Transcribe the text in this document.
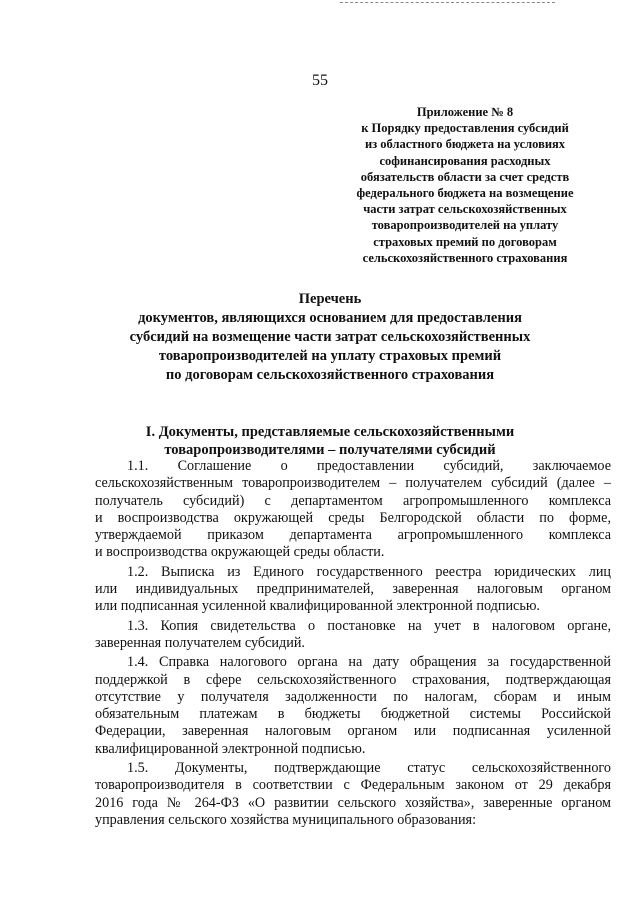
55
Приложение № 8
к Порядку предоставления субсидий
из областного бюджета на условиях
софинансирования расходных
обязательств области за счет средств
федерального бюджета на возмещение
части затрат сельскохозяйственных
товаропроизводителей на уплату
страховых премий по договорам
сельскохозяйственного страхования
Перечень
документов, являющихся основанием для предоставления
субсидий на возмещение части затрат сельскохозяйственных
товаропроизводителей на уплату страховых премий
по договорам сельскохозяйственного страхования
I. Документы, представляемые сельскохозяйственными
товаропроизводителями – получателями субсидий
1.1. Соглашение о предоставлении субсидий, заключаемое
сельскохозяйственным товаропроизводителем – получателем субсидий (далее –
получатель субсидий) с департаментом агропромышленного комплекса
и воспроизводства окружающей среды Белгородской области по форме,
утверждаемой приказом департамента агропромышленного комплекса
и воспроизводства окружающей среды области.
1.2. Выписка из Единого государственного реестра юридических лиц
или индивидуальных предпринимателей, заверенная налоговым органом
или подписанная усиленной квалифицированной электронной подписью.
1.3. Копия свидетельства о постановке на учет в налоговом органе,
заверенная получателем субсидий.
1.4. Справка налогового органа на дату обращения за государственной
поддержкой в сфере сельскохозяйственного страхования, подтверждающая
отсутствие у получателя задолженности по налогам, сборам и иным
обязательным платежам в бюджеты бюджетной системы Российской
Федерации, заверенная налоговым органом или подписанная усиленной
квалифицированной электронной подписью.
1.5. Документы, подтверждающие статус сельскохозяйственного
товаропроизводителя в соответствии с Федеральным законом от 29 декабря
2016 года № 264-ФЗ «О развитии сельского хозяйства», заверенные органом
управления сельского хозяйства муниципального образования:
